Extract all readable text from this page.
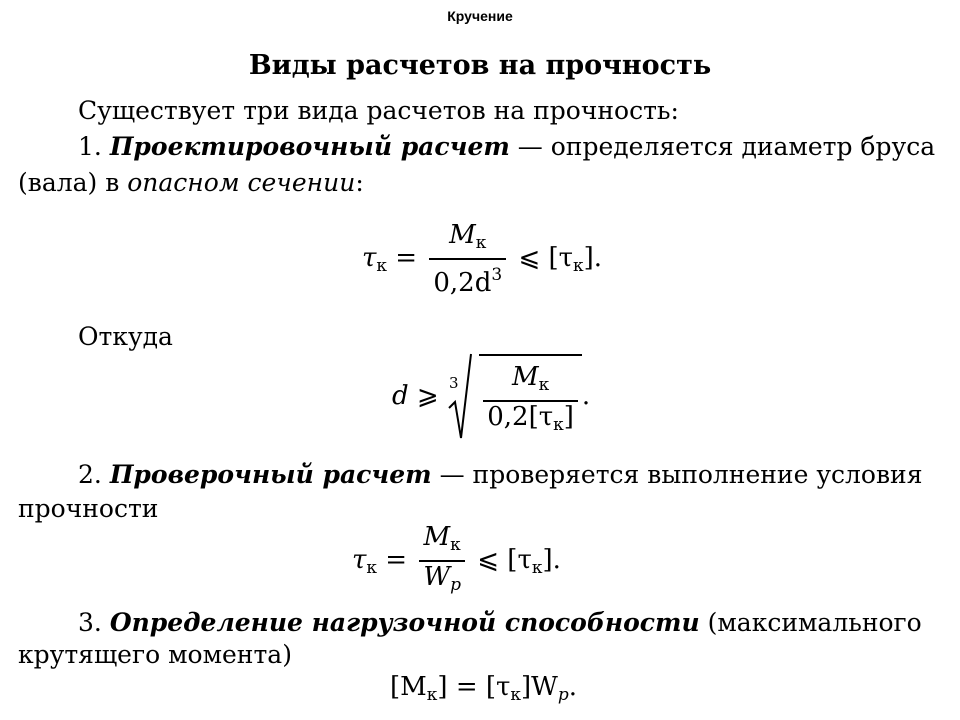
Кручение
Виды расчетов на прочность
Существует три вида расчетов на прочность:
1. Проектировочный расчет — определяется диаметр бруса
(вала) в опасном сечении:
$\tau_к = \frac{M_к}{0,2d^3}$ ⩽ $[\tau_к]$.
Откуда
d ⩾ 3
$\frac{M_к}{0,2[\tau_к]}$ .
2. Проверочный расчет — проверяется выполнение условия
прочности
$\tau_к = \frac{M_к}{W_p}$ ⩽ $[\tau_к]$.
3. Определение нагрузочной способности (максимального
крутящего момента)
$[M_к] = [\tau_к]W_p$.
